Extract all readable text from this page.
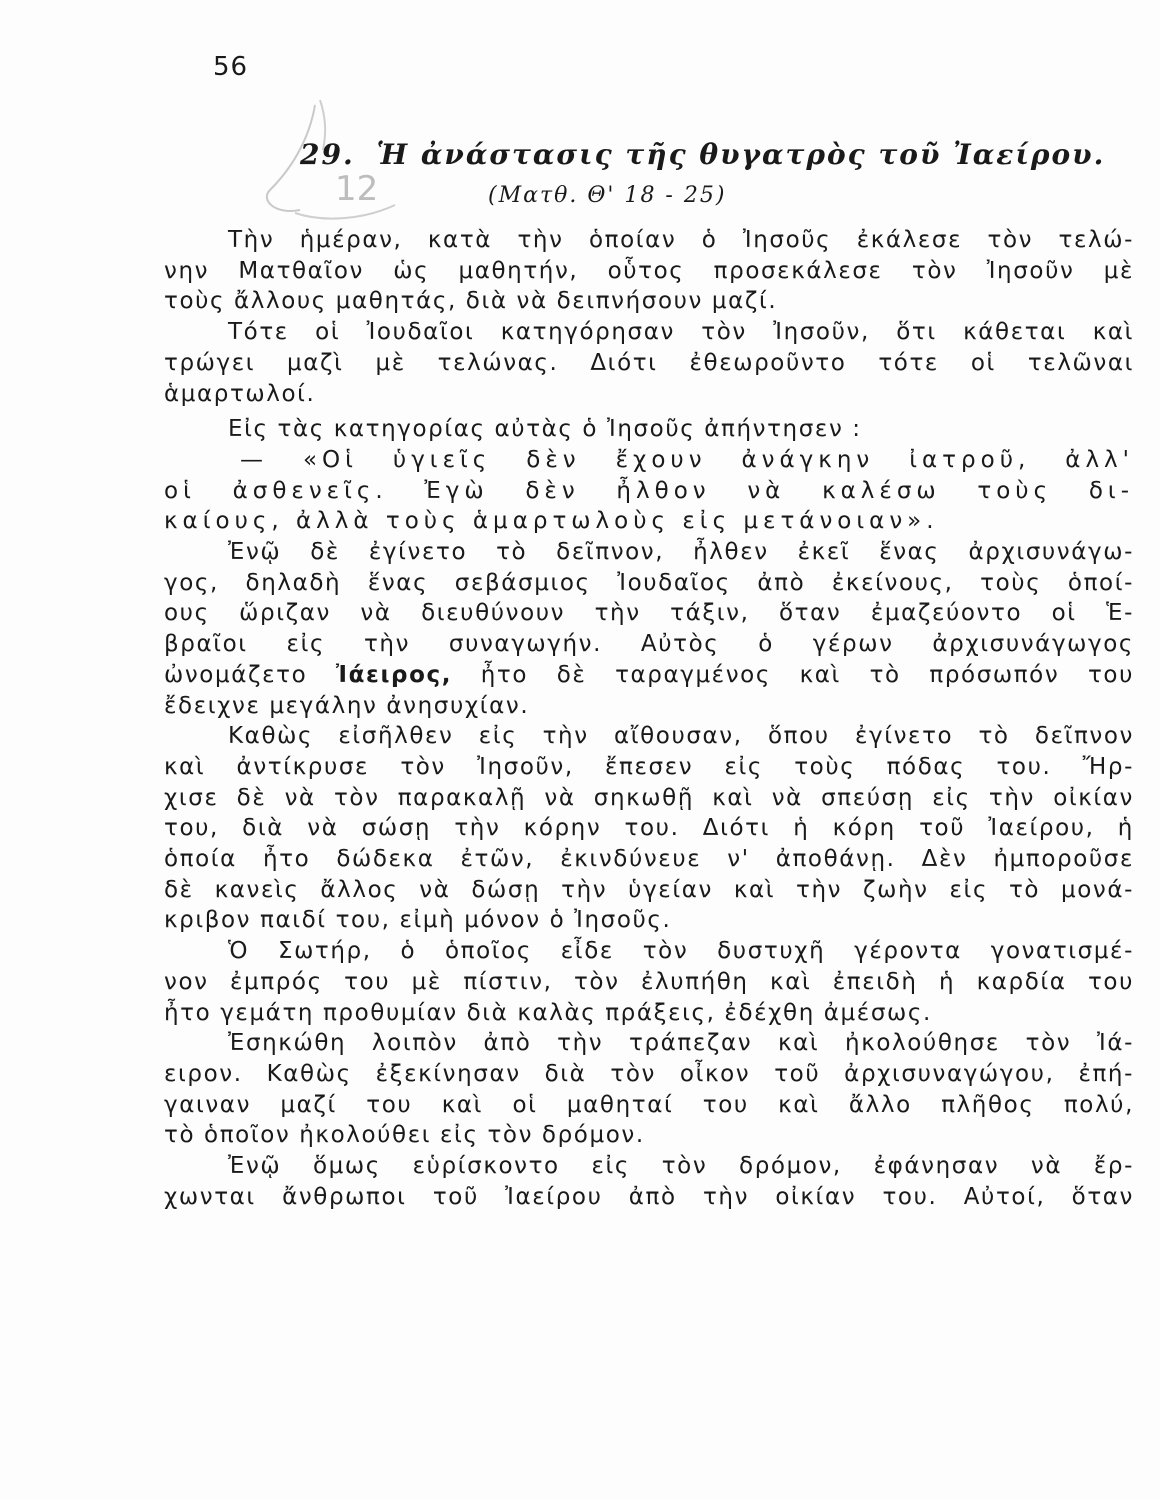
56
12
29. Ἡ ἀνάστασις τῆς θυγατρὸς τοῦ Ἰαείρου.
(Ματθ. Θ' 18 - 25)
Τὴν ἡμέραν, κατὰ τὴν ὁποίαν ὁ Ἰησοῦς ἐκάλεσε τὸν τελώ-
νην Ματθαῖον ὡς μαθητήν, οὗτος προσεκάλεσε τὸν Ἰησοῦν μὲ
τοὺς ἄλλους μαθητάς, διὰ νὰ δειπνήσουν μαζί.
Τότε οἱ Ἰουδαῖοι κατηγόρησαν τὸν Ἰησοῦν, ὅτι κάθεται καὶ
τρώγει μαζὶ μὲ τελώνας. Διότι ἐθεωροῦντο τότε οἱ τελῶναι
ἁμαρτωλοί.
Εἰς τὰς κατηγορίας αὐτὰς ὁ Ἰησοῦς ἀπήντησεν :
— «Οἱ ὑγιεῖς δὲν ἔχουν ἀνάγκην ἰατροῦ, ἀλλ'
οἱ ἀσθενεῖς. Ἐγὼ δὲν ἦλθον νὰ καλέσω τοὺς δι-
καίους, ἀλλὰ τοὺς ἁμαρτωλοὺς εἰς μετάνοιαν».
Ἐνῷ δὲ ἐγίνετο τὸ δεῖπνον, ἦλθεν ἐκεῖ ἕνας ἀρχισυνάγω-
γος, δηλαδὴ ἕνας σεβάσμιος Ἰουδαῖος ἀπὸ ἐκείνους, τοὺς ὁποί-
ους ὥριζαν νὰ διευθύνουν τὴν τάξιν, ὅταν ἐμαζεύοντο οἱ Ἑ-
βραῖοι εἰς τὴν συναγωγήν. Αὐτὸς ὁ γέρων ἀρχισυνάγωγος
ὠνομάζετο Ἰάειρος, ἦτο δὲ ταραγμένος καὶ τὸ πρόσωπόν του
ἔδειχνε μεγάλην ἀνησυχίαν.
Καθὼς εἰσῆλθεν εἰς τὴν αἴθουσαν, ὅπου ἐγίνετο τὸ δεῖπνον
καὶ ἀντίκρυσε τὸν Ἰησοῦν, ἔπεσεν εἰς τοὺς πόδας του. Ἤρ-
χισε δὲ νὰ τὸν παρακαλῇ νὰ σηκωθῇ καὶ νὰ σπεύσῃ εἰς τὴν οἰκίαν
του, διὰ νὰ σώσῃ τὴν κόρην του. Διότι ἡ κόρη τοῦ Ἰαείρου, ἡ
ὁποία ἦτο δώδεκα ἐτῶν, ἐκινδύνευε ν' ἀποθάνῃ. Δὲν ἠμποροῦσε
δὲ κανεὶς ἄλλος νὰ δώσῃ τὴν ὑγείαν καὶ τὴν ζωὴν εἰς τὸ μονά-
κριβον παιδί του, εἰμὴ μόνον ὁ Ἰησοῦς.
Ὁ Σωτήρ, ὁ ὁποῖος εἶδε τὸν δυστυχῆ γέροντα γονατισμέ-
νον ἐμπρός του μὲ πίστιν, τὸν ἐλυπήθη καὶ ἐπειδὴ ἡ καρδία του
ἦτο γεμάτη προθυμίαν διὰ καλὰς πράξεις, ἐδέχθη ἀμέσως.
Ἐσηκώθη λοιπὸν ἀπὸ τὴν τράπεζαν καὶ ἠκολούθησε τὸν Ἰά-
ειρον. Καθὼς ἐξεκίνησαν διὰ τὸν οἶκον τοῦ ἀρχισυναγώγου, ἐπή-
γαιναν μαζί του καὶ οἱ μαθηταί του καὶ ἄλλο πλῆθος πολύ,
τὸ ὁποῖον ἠκολούθει εἰς τὸν δρόμον.
Ἐνῷ ὅμως εὑρίσκοντο εἰς τὸν δρόμον, ἐφάνησαν νὰ ἔρ-
χωνται ἄνθρωποι τοῦ Ἰαείρου ἀπὸ τὴν οἰκίαν του. Αὐτοί, ὅταν
